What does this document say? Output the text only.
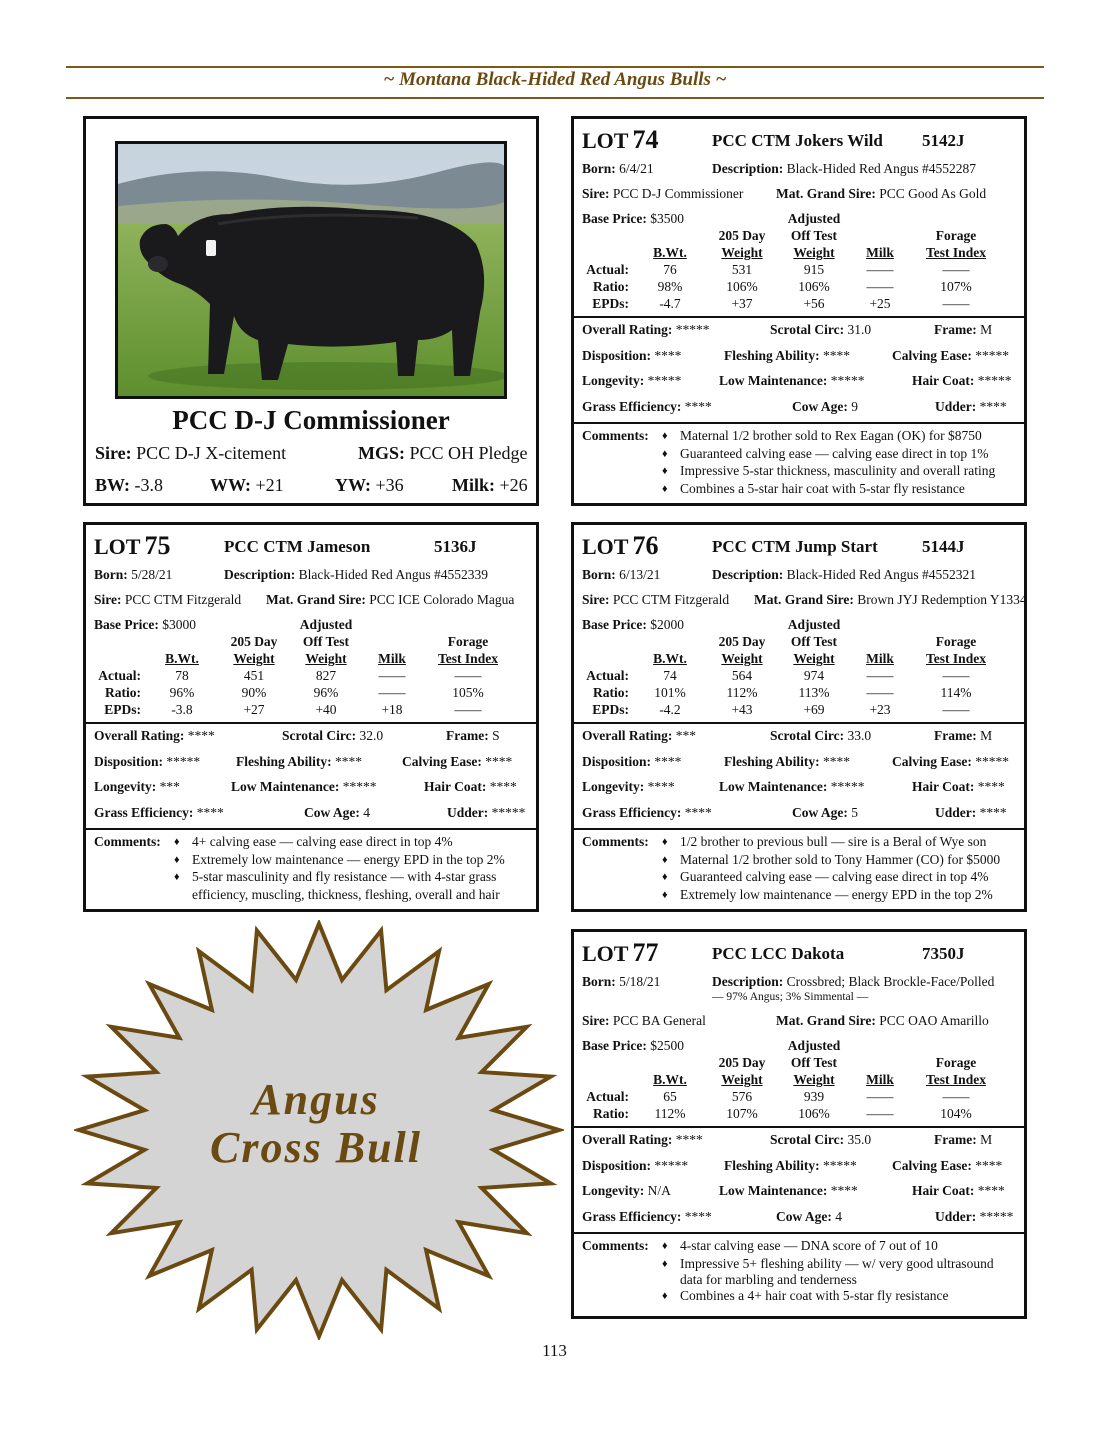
~ Montana Black-Hided Red Angus Bulls ~
PCC D-J Commissioner
Sire: PCC D-J X-citement	MGS: PCC OH Pledge
BW: -3.8	WW: +21	YW: +36	Milk: +26
LOT 74	PCC CTM Jokers Wild 5142J
Born: 6/4/21	Description: Black-Hided Red Angus #4552287
Sire: PCC D-J Commissioner Mat. Grand Sire: PCC Good As Gold
Base Price: $3500	Adjusted
205 Day	Off Test	Forage
B.Wt.	Weight	Weight	Milk	Test Index
Actual:	76	531	915	——	——
Ratio:	98%	106%	106%	——	107%
EPDs:	-4.7	+37	+56	+25	——
Overall Rating: *****	Scrotal Circ: 31.0	Frame: M
Disposition: ****	Fleshing Ability: ****	Calving Ease: *****
Longevity: *****	Low Maintenance: *****	Hair Coat: *****
Grass Efficiency: ****	Cow Age: 9	Udder: ****
Comments: ♦ Maternal 1/2 brother sold to Rex Eagan (OK) for $8750
♦ Guaranteed calving ease — calving ease direct in top 1%
♦ Impressive 5-star thickness, masculinity and overall rating
♦ Combines a 5-star hair coat with 5-star fly resistance
LOT 75	PCC CTM Jameson	5136J
Born: 5/28/21	Description: Black-Hided Red Angus #4552339
Sire: PCC CTM Fitzgerald Mat. Grand Sire: PCC ICE Colorado Magua
Base Price: $3000	Adjusted
205 Day	Off Test	Forage
B.Wt.	Weight	Weight	Milk	Test Index
Actual:	78	451	827	——	——
Ratio:	96%	90%	96%	——	105%
EPDs:	-3.8	+27	+40	+18	——
Overall Rating: ****	Scrotal Circ: 32.0	Frame: S
Disposition: *****	Fleshing Ability: ****	Calving Ease: ****
Longevity: ***	Low Maintenance: *****	Hair Coat: ****
Grass Efficiency: ****	Cow Age: 4	Udder: *****
Comments: ♦ 4+ calving ease — calving ease direct in top 4%
♦ Extremely low maintenance — energy EPD in the top 2%
♦ 5-star masculinity and fly resistance — with 4-star grass
efficiency, muscling, thickness, fleshing, overall and hair
LOT 76	PCC CTM Jump Start	5144J
Born: 6/13/21	Description: Black-Hided Red Angus #4552321
Sire: PCC CTM Fitzgerald Mat. Grand Sire: Brown JYJ Redemption Y1334
Base Price: $2000	Adjusted
205 Day	Off Test	Forage
B.Wt.	Weight	Weight	Milk	Test Index
Actual:	74	564	974	——	——
Ratio:	101%	112%	113%	——	114%
EPDs:	-4.2	+43	+69	+23	——
Overall Rating: ***	Scrotal Circ: 33.0	Frame: M
Disposition: ****	Fleshing Ability: ****	Calving Ease: *****
Longevity: ****	Low Maintenance: *****	Hair Coat: ****
Grass Efficiency: ****	Cow Age: 5	Udder: ****
Comments: ♦ 1/2 brother to previous bull — sire is a Beral of Wye son
♦ Maternal 1/2 brother sold to Tony Hammer (CO) for $5000
♦ Guaranteed calving ease — calving ease direct in top 4%
♦ Extremely low maintenance — energy EPD in the top 2%
LOT 77	PCC LCC Dakota	7350J
Born: 5/18/21	Description: Crossbred; Black Brockle-Face/Polled
— 97% Angus; 3% Simmental —
Sire: PCC BA General	Mat. Grand Sire: PCC OAO Amarillo
Base Price: $2500	Adjusted
205 Day	Off Test	Forage
B.Wt.	Weight	Weight	Milk	Test Index
Actual:	65	576	939	——	——
Ratio:	112%	107%	106%	——	104%
Overall Rating: ****	Scrotal Circ: 35.0	Frame: M
Disposition: *****	Fleshing Ability: *****	Calving Ease: ****
Longevity: N/A	Low Maintenance: ****	Hair Coat: ****
Grass Efficiency: ****	Cow Age: 4	Udder: *****
Comments: ♦ 4-star calving ease — DNA score of 7 out of 10
♦ Impressive 5+ fleshing ability — w/ very good ultrasound
data for marbling and tenderness
♦ Combines a 4+ hair coat with 5-star fly resistance
Angus
Cross Bull
113
